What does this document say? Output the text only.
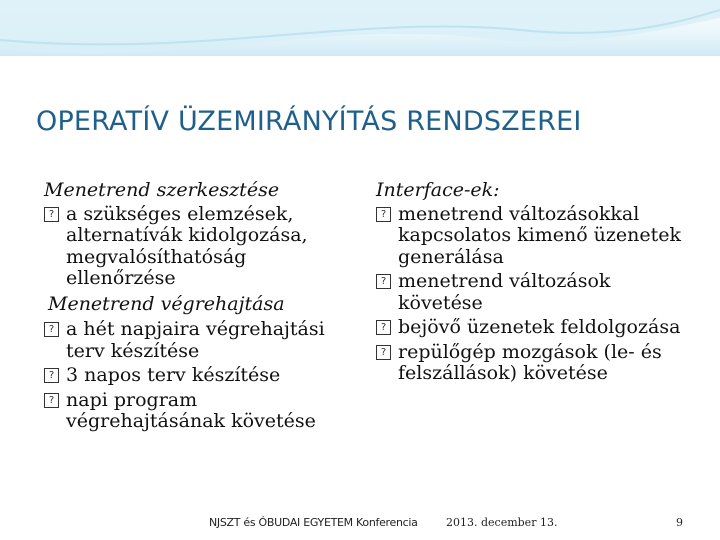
OPERATÍV ÜZEMIRÁNYÍTÁS RENDSZEREI
Menetrend szerkesztése
? a szükséges elemzések, alternatívák kidolgozása, megvalósíthatóság ellenőrzése
Menetrend végrehajtása
? a hét napjaira végrehajtási terv készítése
? 3 napos terv készítése
? napi program végrehajtásának követése
Interface-ek:
? menetrend változásokkal kapcsolatos kimenő üzenetek generálása
? menetrend változások követése
? bejövő üzenetek feldolgozása
? repülőgép mozgások (le- és felszállások) követése
NJSZT és ÓBUDAI EGYETEM Konferencia	2013. december 13.	9
